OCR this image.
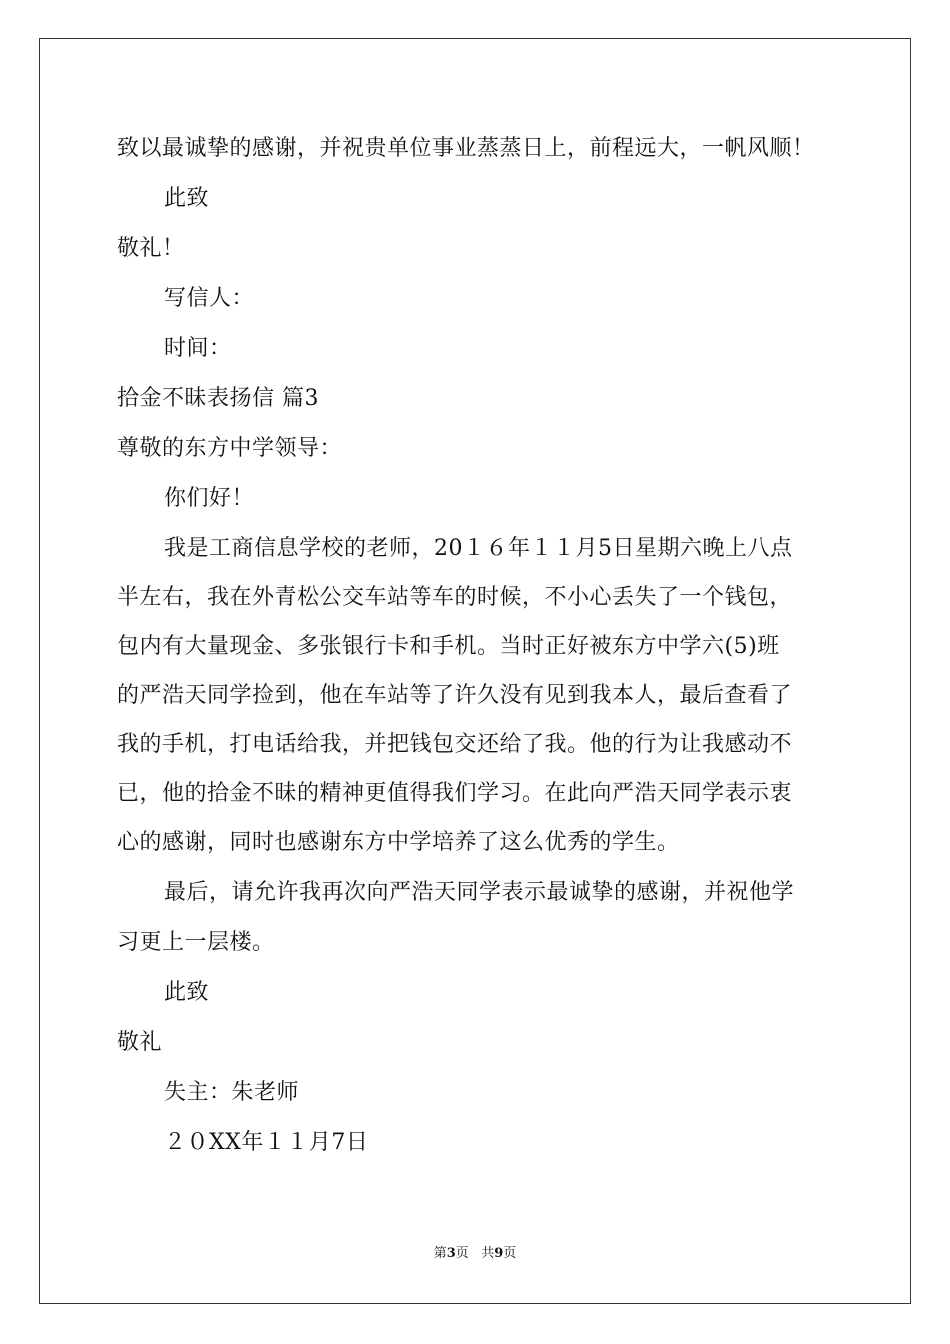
致以最诚挚的感谢，并祝贵单位事业蒸蒸日上，前程远大，一帆风顺！
此致
敬礼！
写信人：
时间：
拾金不昧表扬信 篇3
尊敬的东方中学领导：
你们好！
我是工商信息学校的老师，20１６年１１月5日星期六晚上八点
半左右，我在外青松公交车站等车的时候，不小心丢失了一个钱包，
包内有大量现金、多张银行卡和手机。当时正好被东方中学六(5)班
的严浩天同学捡到，他在车站等了许久没有见到我本人，最后查看了
我的手机，打电话给我，并把钱包交还给了我。他的行为让我感动不
已，他的拾金不昧的精神更值得我们学习。在此向严浩天同学表示衷
心的感谢，同时也感谢东方中学培养了这么优秀的学生。
最后，请允许我再次向严浩天同学表示最诚挚的感谢，并祝他学
习更上一层楼。
此致
敬礼
失主：朱老师
２０XX年１１月7日
第3页 共9页
